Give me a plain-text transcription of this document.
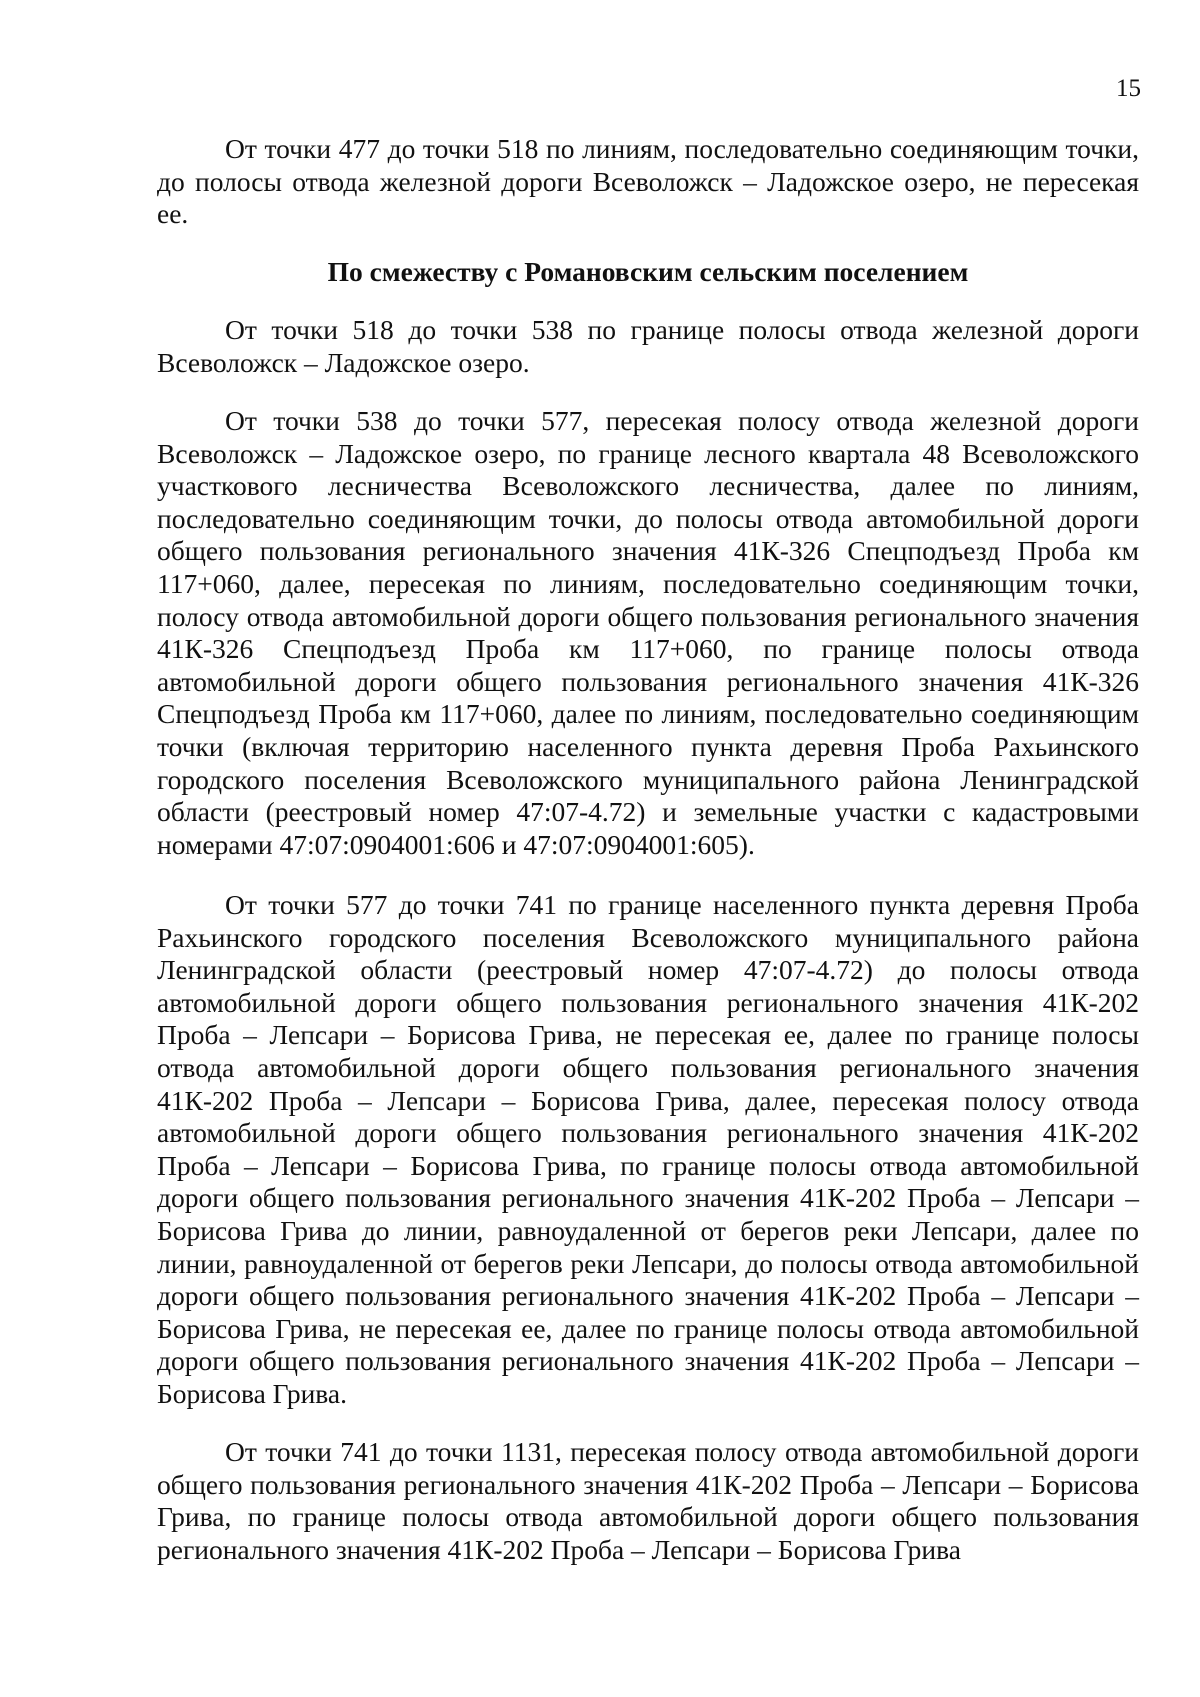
15

От точки 477 до точки 518 по линиям, последовательно соединяющим точки, до полосы отвода железной дороги Всеволожск – Ладожское озеро, не пересекая ее.

По смежеству с Романовским сельским поселением

От точки 518 до точки 538 по границе полосы отвода железной дороги Всеволожск – Ладожское озеро.

От точки 538 до точки 577, пересекая полосу отвода железной дороги Всеволожск – Ладожское озеро, по границе лесного квартала 48 Всеволожского участкового лесничества Всеволожского лесничества, далее по линиям, последовательно соединяющим точки, до полосы отвода автомобильной дороги общего пользования регионального значения 41К-326 Спецподъезд Проба км 117+060, далее, пересекая по линиям, последовательно соединяющим точки, полосу отвода автомобильной дороги общего пользования регионального значения 41К-326 Спецподъезд Проба км 117+060, по границе полосы отвода автомобильной дороги общего пользования регионального значения 41К-326 Спецподъезд Проба км 117+060, далее по линиям, последовательно соединяющим точки (включая территорию населенного пункта деревня Проба Рахьинского городского поселения Всеволожского муниципального района Ленинградской области (реестровый номер 47:07-4.72) и земельные участки с кадастровыми номерами 47:07:0904001:606 и 47:07:0904001:605).

От точки 577 до точки 741 по границе населенного пункта деревня Проба Рахьинского городского поселения Всеволожского муниципального района Ленинградской области (реестровый номер 47:07-4.72) до полосы отвода автомобильной дороги общего пользования регионального значения 41К-202 Проба – Лепсари – Борисова Грива, не пересекая ее, далее по границе полосы отвода автомобильной дороги общего пользования регионального значения 41К-202 Проба – Лепсари – Борисова Грива, далее, пересекая полосу отвода автомобильной дороги общего пользования регионального значения 41К-202 Проба – Лепсари – Борисова Грива, по границе полосы отвода автомобильной дороги общего пользования регионального значения 41К-202 Проба – Лепсари – Борисова Грива до линии, равноудаленной от берегов реки Лепсари, далее по линии, равноудаленной от берегов реки Лепсари, до полосы отвода автомобильной дороги общего пользования регионального значения 41К-202 Проба – Лепсари – Борисова Грива, не пересекая ее, далее по границе полосы отвода автомобильной дороги общего пользования регионального значения 41К-202 Проба – Лепсари – Борисова Грива.

От точки 741 до точки 1131, пересекая полосу отвода автомобильной дороги общего пользования регионального значения 41К-202 Проба – Лепсари – Борисова Грива, по границе полосы отвода автомобильной дороги общего пользования регионального значения 41К-202 Проба – Лепсари – Борисова Грива
